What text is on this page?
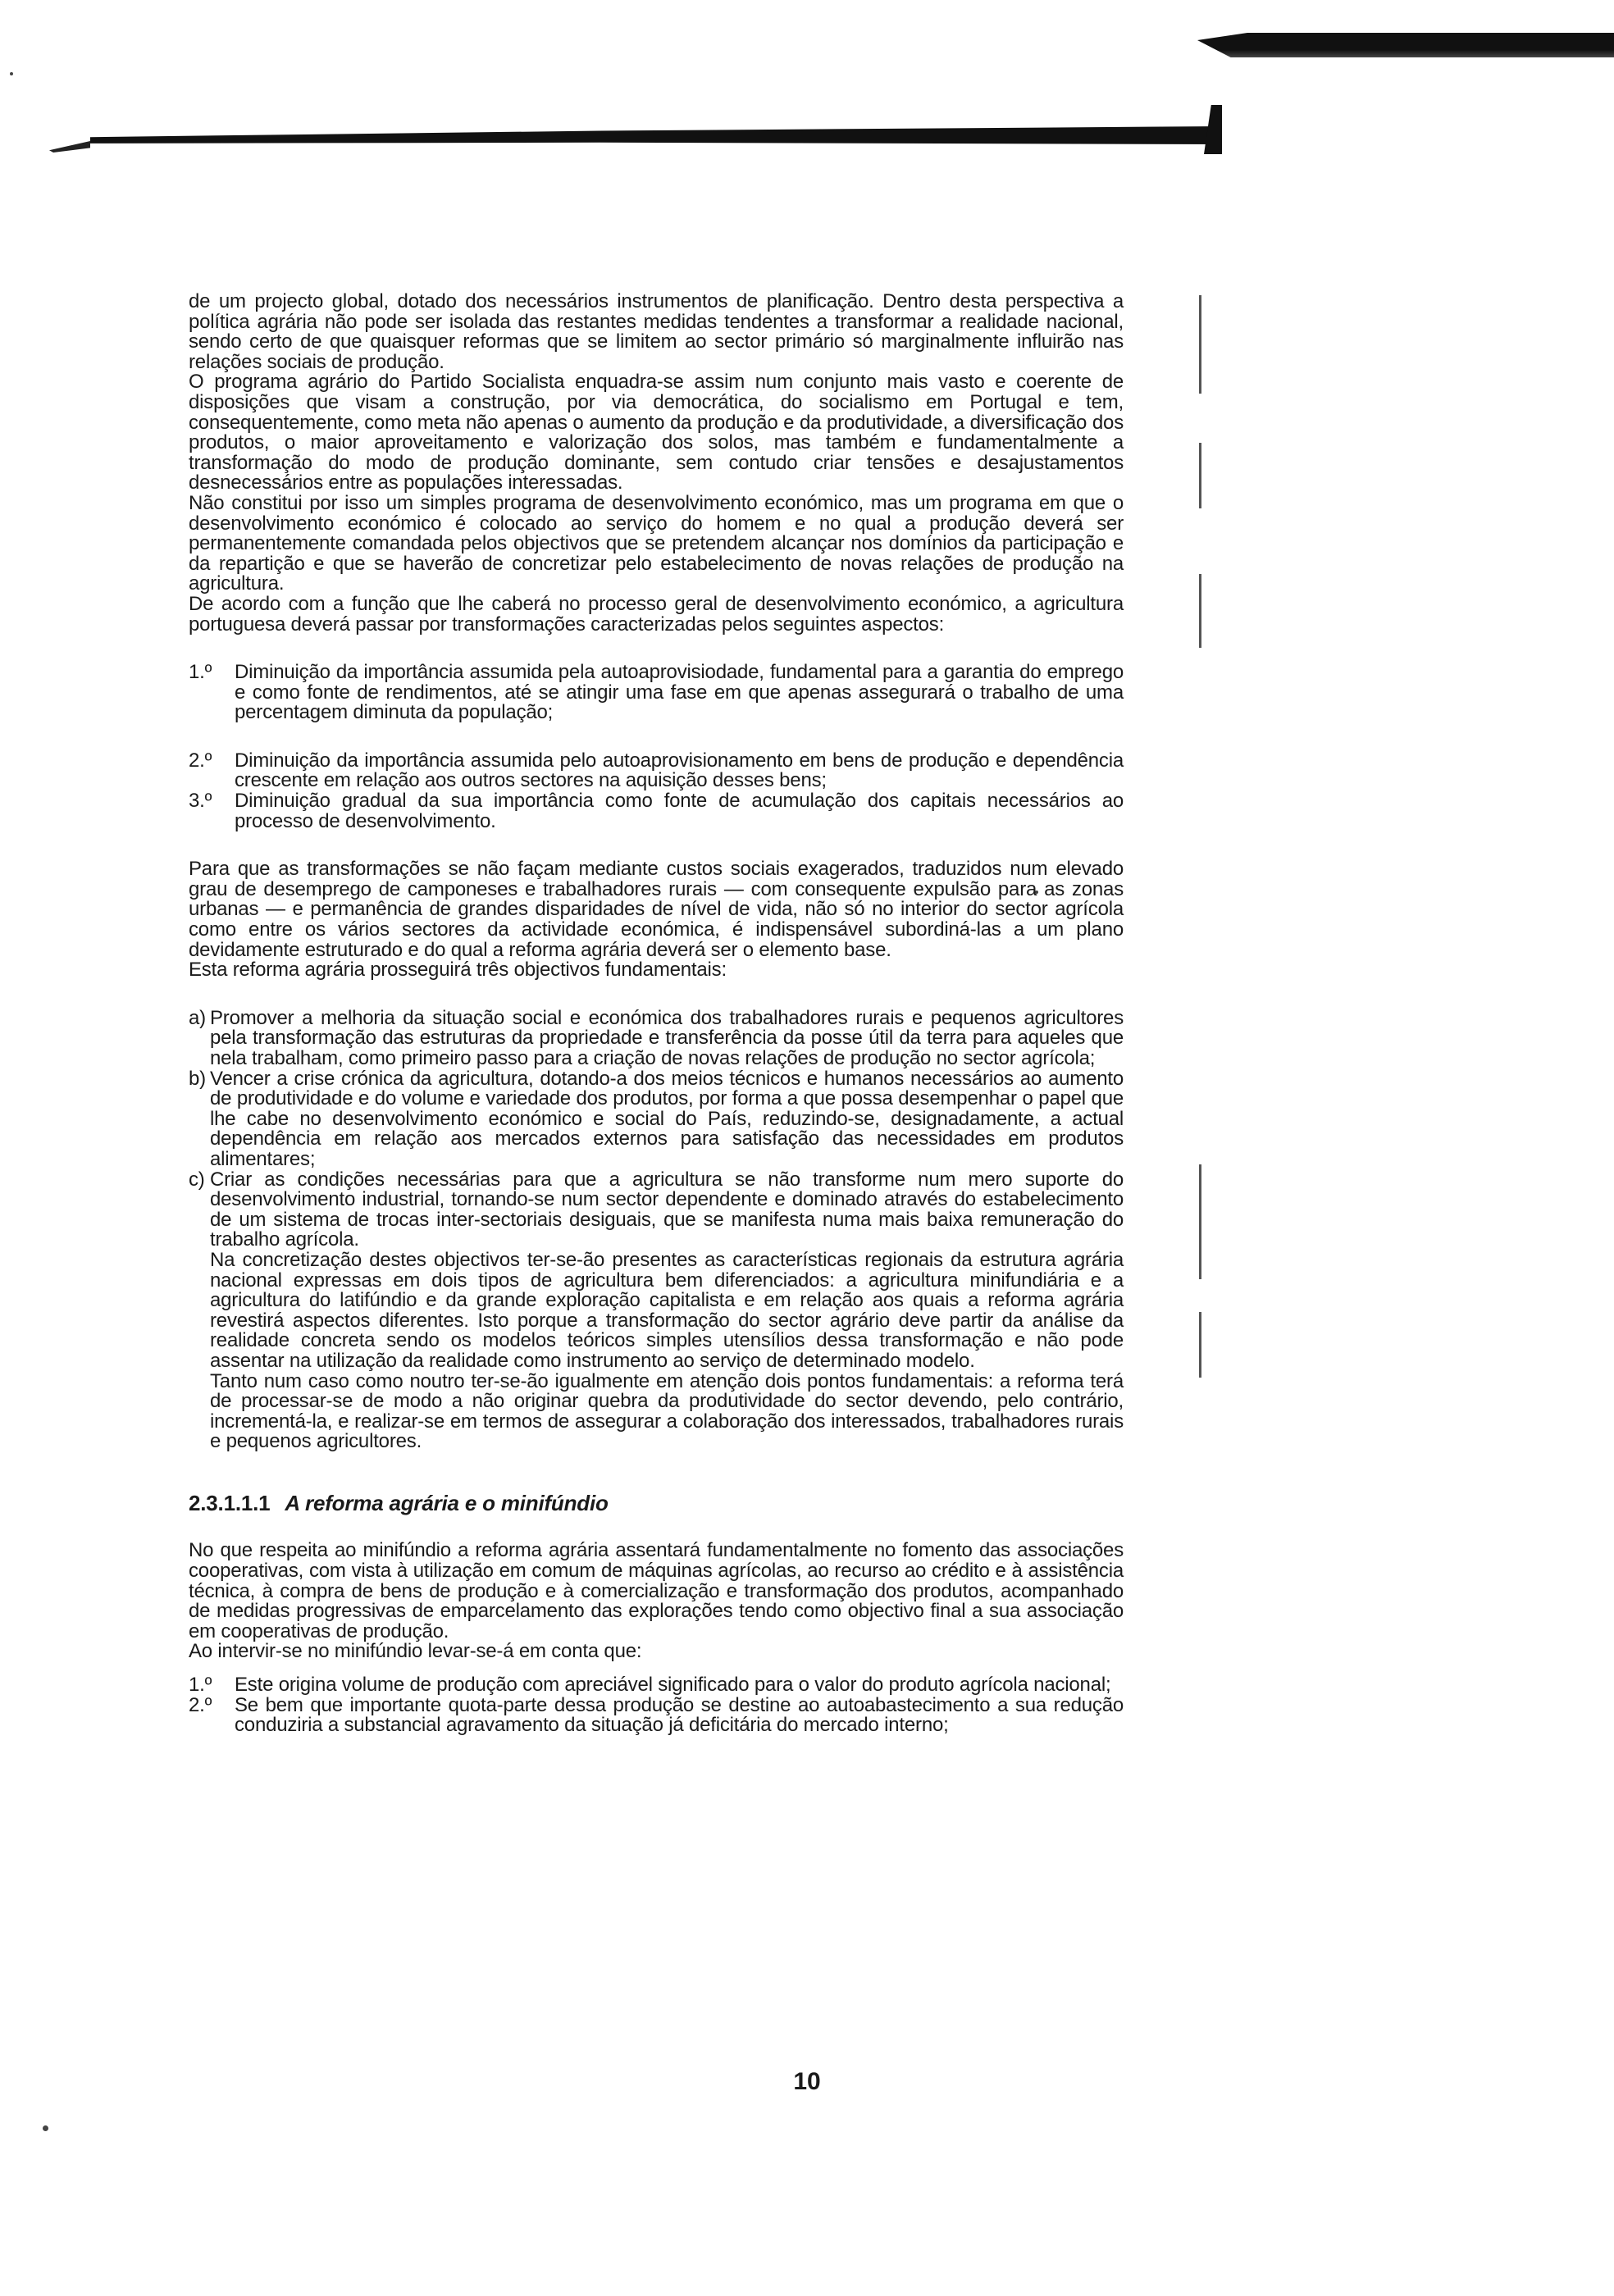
de um projecto global, dotado dos necessários instrumentos de planificação. Dentro desta perspectiva a política agrária não pode ser isolada das restantes medidas tendentes a transformar a realidade nacional, sendo certo de que quaisquer reformas que se limitem ao sector primário só marginalmente influirão nas relações sociais de produção.

O programa agrário do Partido Socialista enquadra-se assim num conjunto mais vasto e coerente de disposições que visam a construção, por via democrática, do socialismo em Portugal e tem, consequentemente, como meta não apenas o aumento da produção e da produtividade, a diversificação dos produtos, o maior aproveitamento e valorização dos solos, mas também e fundamentalmente a transformação do modo de produção dominante, sem contudo criar tensões e desajustamentos desnecessários entre as populações interessadas.

Não constitui por isso um simples programa de desenvolvimento económico, mas um programa em que o desenvolvimento económico é colocado ao serviço do homem e no qual a produção deverá ser permanentemente comandada pelos objectivos que se pretendem alcançar nos domínios da participação e da repartição e que se haverão de concretizar pelo estabelecimento de novas relações de produção na agricultura.

De acordo com a função que lhe caberá no processo geral de desenvolvimento económico, a agricultura portuguesa deverá passar por transformações caracterizadas pelos seguintes aspectos:

1.º	Diminuição da importância assumida pela autoaprovisiodade, fundamental para a garantia do emprego e como fonte de rendimentos, até se atingir uma fase em que apenas assegurará o trabalho de uma percentagem diminuta da população;
2.º	Diminuição da importância assumida pelo autoaprovisionamento em bens de produção e dependência crescente em relação aos outros sectores na aquisição desses bens;
3.º	Diminuição gradual da sua importância como fonte de acumulação dos capitais necessários ao processo de desenvolvimento.

Para que as transformações se não façam mediante custos sociais exagerados, traduzidos num elevado grau de desemprego de camponeses e trabalhadores rurais — com consequente expulsão para as zonas urbanas — e permanência de grandes disparidades de nível de vida, não só no interior do sector agrícola como entre os vários sectores da actividade económica, é indispensável subordiná-las a um plano devidamente estruturado e do qual a reforma agrária deverá ser o elemento base.

Esta reforma agrária prosseguirá três objectivos fundamentais:

a) Promover a melhoria da situação social e económica dos trabalhadores rurais e pequenos agricultores pela transformação das estruturas da propriedade e transferência da posse útil da terra para aqueles que nela trabalham, como primeiro passo para a criação de novas relações de produção no sector agrícola;
b) Vencer a crise crónica da agricultura, dotando-a dos meios técnicos e humanos necessários ao aumento de produtividade e do volume e variedade dos produtos, por forma a que possa desempenhar o papel que lhe cabe no desenvolvimento económico e social do País, reduzindo-se, designadamente, a actual dependência em relação aos mercados externos para satisfação das necessidades em produtos alimentares;
c) Criar as condições necessárias para que a agricultura se não transforme num mero suporte do desenvolvimento industrial, tornando-se num sector dependente e dominado através do estabelecimento de um sistema de trocas inter-sectoriais desiguais, que se manifesta numa mais baixa remuneração do trabalho agrícola.

Na concretização destes objectivos ter-se-ão presentes as características regionais da estrutura agrária nacional expressas em dois tipos de agricultura bem diferenciados: a agricultura minifundiária e a agricultura do latifúndio e da grande exploração capitalista e em relação aos quais a reforma agrária revestirá aspectos diferentes. Isto porque a transformação do sector agrário deve partir da análise da realidade concreta sendo os modelos teóricos simples utensílios dessa transformação e não pode assentar na utilização da realidade como instrumento ao serviço de determinado modelo.

Tanto num caso como noutro ter-se-ão igualmente em atenção dois pontos fundamentais: a reforma terá de processar-se de modo a não originar quebra da produtividade do sector devendo, pelo contrário, incrementá-la, e realizar-se em termos de assegurar a colaboração dos interessados, trabalhadores rurais e pequenos agricultores.

2.3.1.1.1 A reforma agrária e o minifúndio

No que respeita ao minifúndio a reforma agrária assentará fundamentalmente no fomento das associações cooperativas, com vista à utilização em comum de máquinas agrícolas, ao recurso ao crédito e à assistência técnica, à compra de bens de produção e à comercialização e transformação dos produtos, acompanhado de medidas progressivas de emparcelamento das explorações tendo como objectivo final a sua associação em cooperativas de produção.

Ao intervir-se no minifúndio levar-se-á em conta que:

1.º	Este origina volume de produção com apreciável significado para o valor do produto agrícola nacional;
2.º	Se bem que importante quota-parte dessa produção se destine ao autoabastecimento a sua redução conduziria a substancial agravamento da situação já deficitária do mercado interno;
10
